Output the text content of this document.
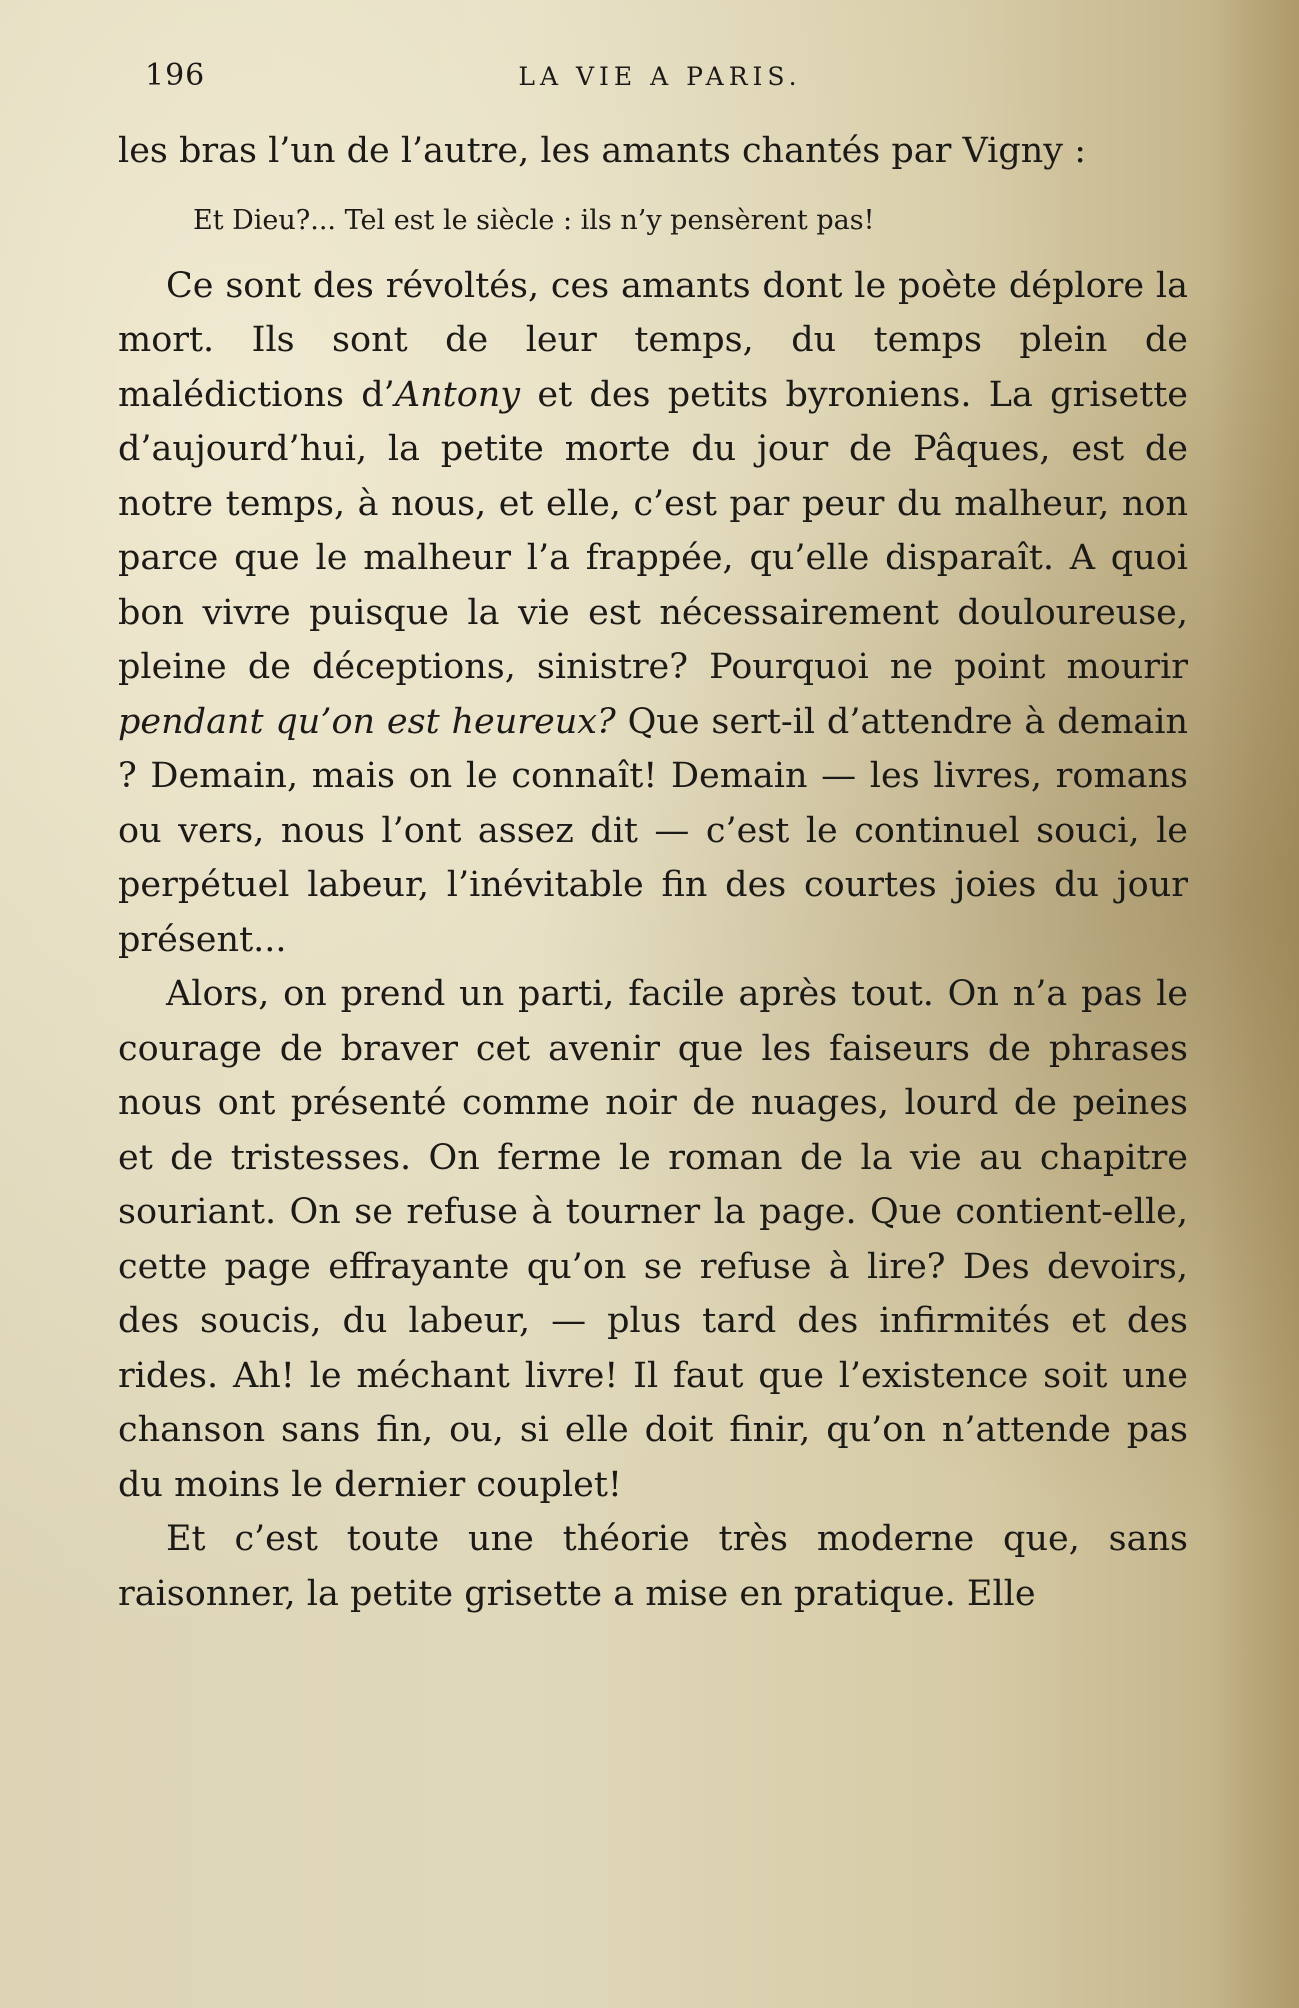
196	LA VIE A PARIS.

les bras l’un de l’autre, les amants chantés par Vigny :

Et Dieu?... Tel est le siècle : ils n’y pensèrent pas!

Ce sont des révoltés, ces amants dont le poète déplore la mort. Ils sont de leur temps, du temps plein de malédictions d’Antony et des petits byroniens. La grisette d’aujourd’hui, la petite morte du jour de Pâques, est de notre temps, à nous, et elle, c’est par peur du malheur, non parce que le malheur l’a frappée, qu’elle disparaît. A quoi bon vivre puisque la vie est nécessairement douloureuse, pleine de déceptions, sinistre? Pourquoi ne point mourir pendant qu’on est heureux? Que sert-il d’attendre à demain ? Demain, mais on le connaît! Demain — les livres, romans ou vers, nous l’ont assez dit — c’est le continuel souci, le perpétuel labeur, l’inévitable fin des courtes joies du jour présent...

Alors, on prend un parti, facile après tout. On n’a pas le courage de braver cet avenir que les faiseurs de phrases nous ont présenté comme noir de nuages, lourd de peines et de tristesses. On ferme le roman de la vie au chapitre souriant. On se refuse à tourner la page. Que contient-elle, cette page effrayante qu’on se refuse à lire? Des devoirs, des soucis, du labeur, — plus tard des infirmités et des rides. Ah! le méchant livre! Il faut que l’existence soit une chanson sans fin, ou, si elle doit finir, qu’on n’attende pas du moins le dernier couplet!

Et c’est toute une théorie très moderne que, sans raisonner, la petite grisette a mise en pratique. Elle
